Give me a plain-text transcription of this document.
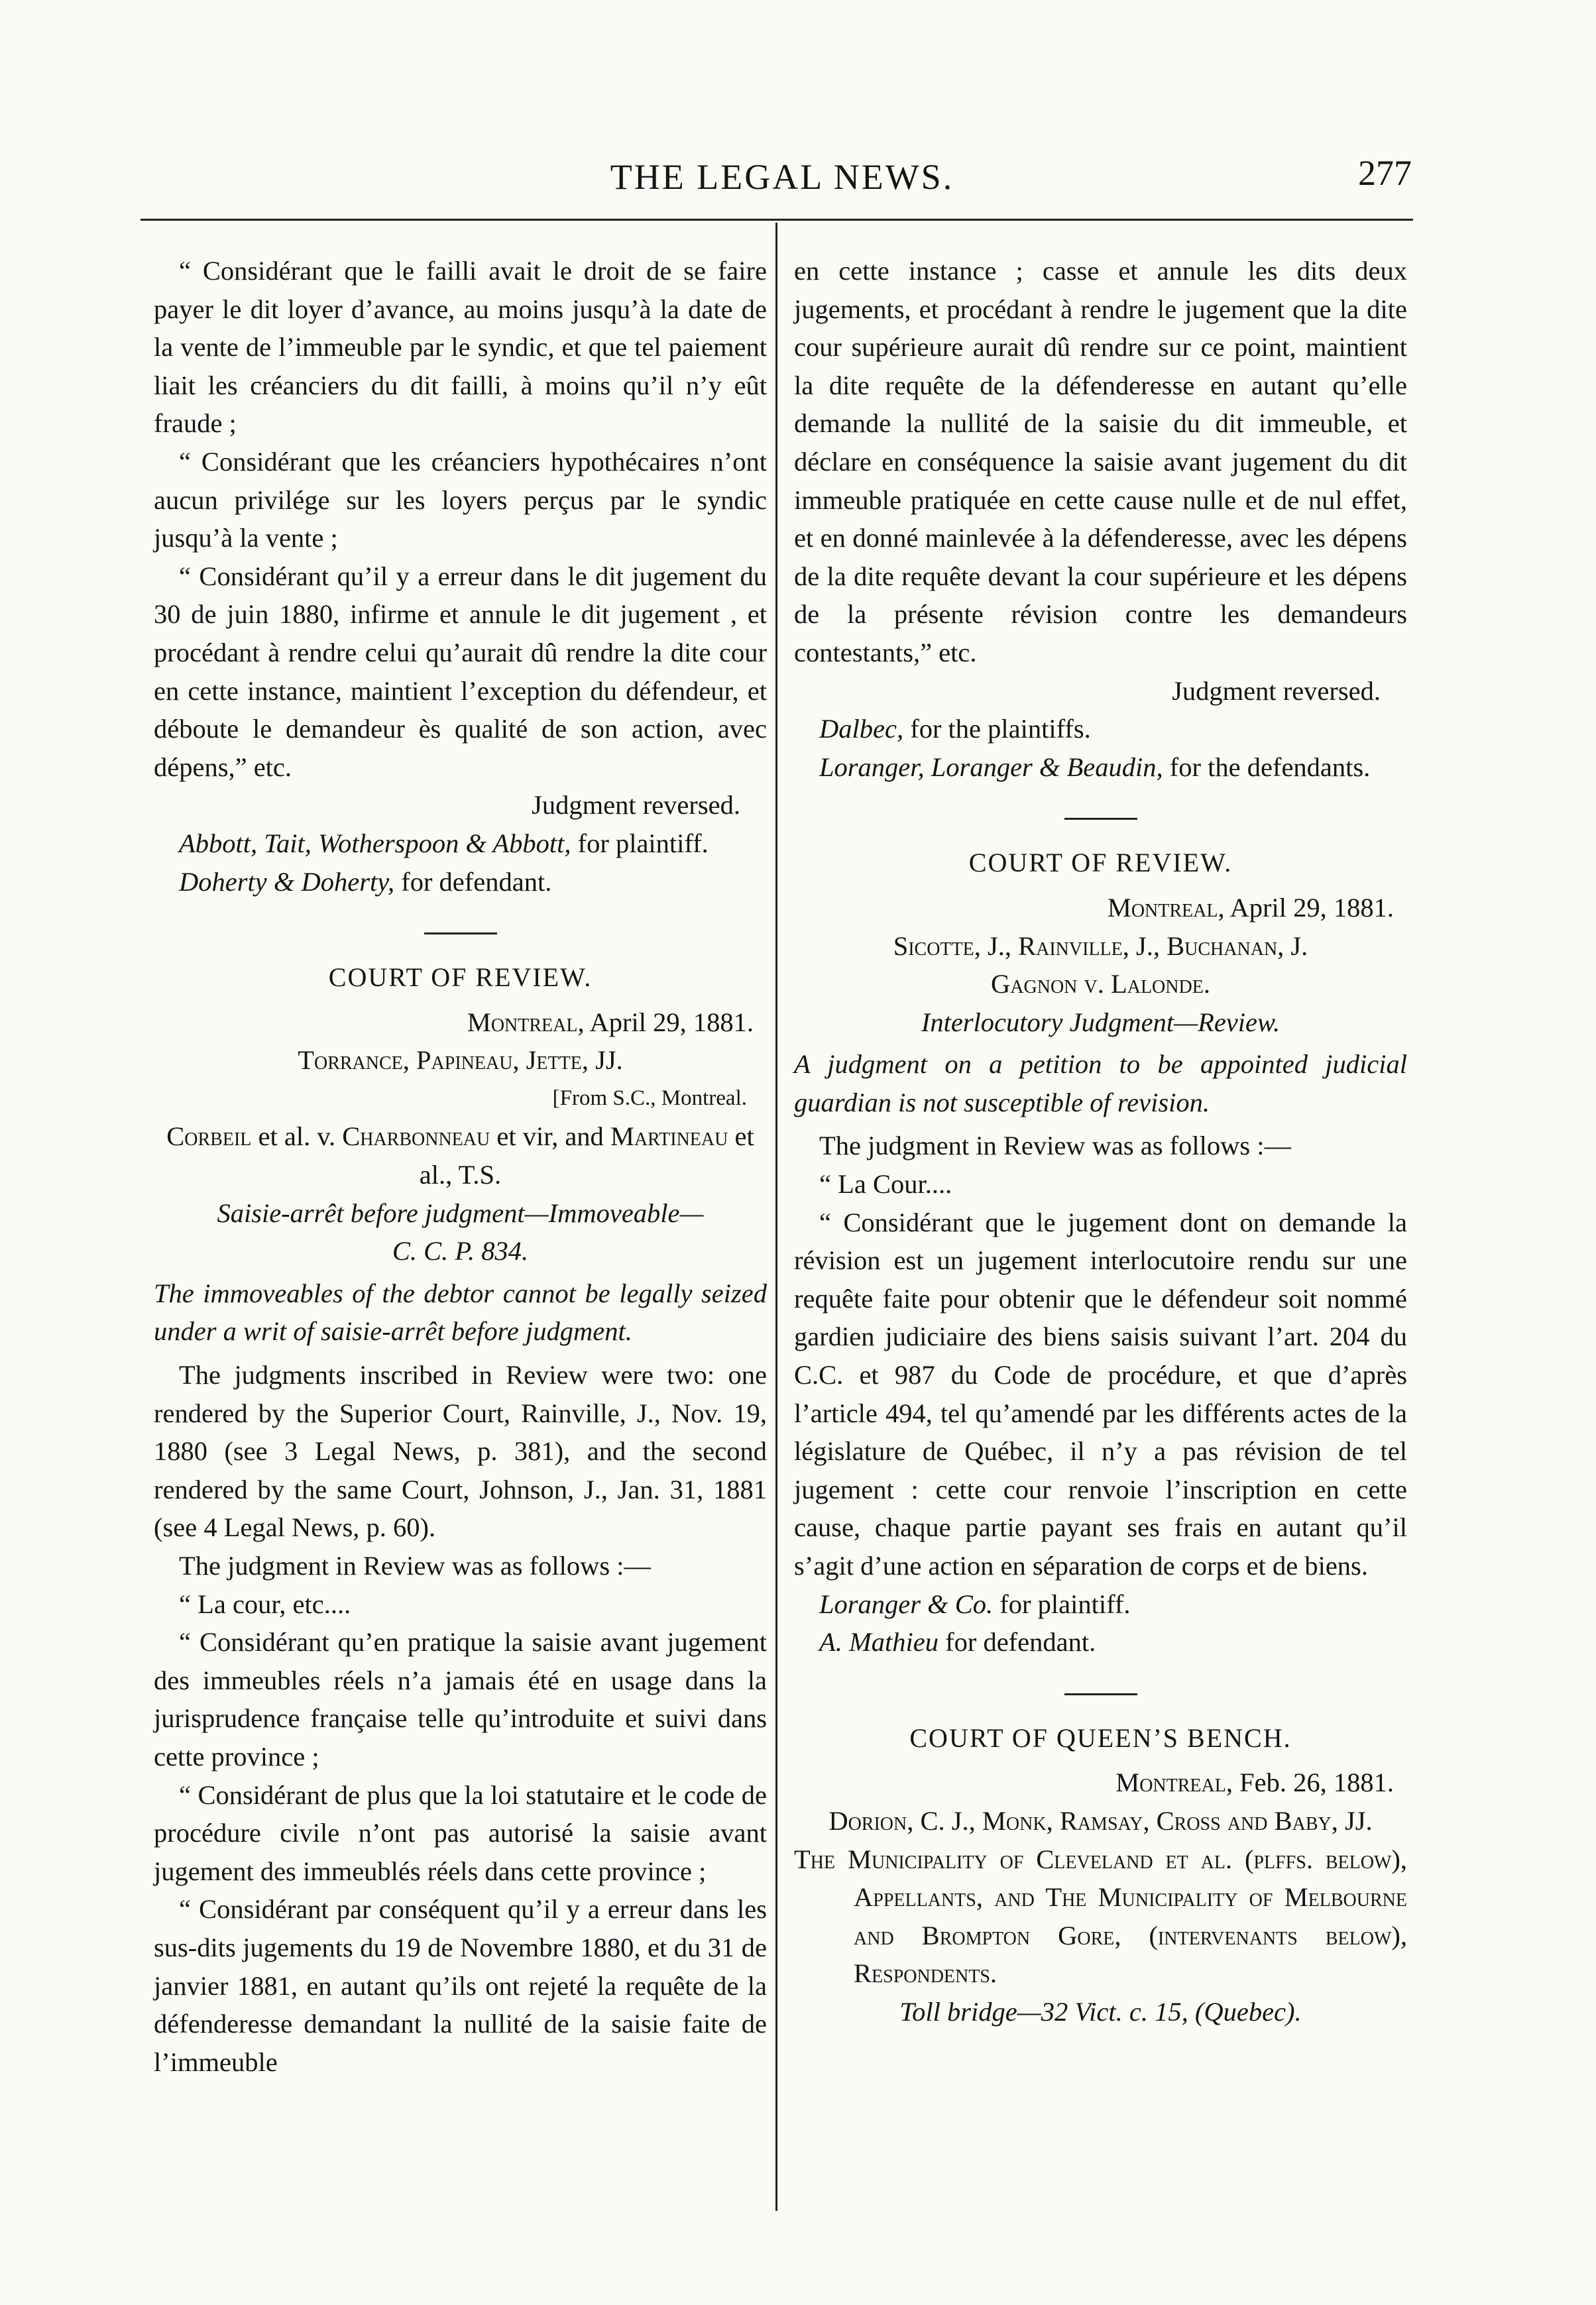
THE LEGAL NEWS.	277

“ Considérant que le failli avait le droit de se faire payer le dit loyer d’avance, au moins jusqu’à la date de la vente de l’immeuble par le syndic, et que tel paiement liait les créanciers du dit failli, à moins qu’il n’y eût fraude ;

“ Considérant que les créanciers hypothécaires n’ont aucun privilége sur les loyers perçus par le syndic jusqu’à la vente ;

“ Considérant qu’il y a erreur dans le dit jugement du 30 de juin 1880, infirme et annule le dit jugement , et procédant à rendre celui qu’aurait dû rendre la dite cour en cette instance, maintient l’exception du défendeur, et déboute le demandeur ès qualité de son action, avec dépens,” etc.

Judgment reversed.

Abbott, Tait, Wotherspoon & Abbott, for plaintiff.

Doherty & Doherty, for defendant.

COURT OF REVIEW.

Montreal, April 29, 1881.

Torrance, Papineau, Jette, JJ.

[From S.C., Montreal.

Corbeil et al. v. Charbonneau et vir, and Martineau et al., T.S.

Saisie-arrêt before judgment—Immoveable—

C. C. P. 834.

The immoveables of the debtor cannot be legally seized under a writ of saisie-arrêt before judgment.

The judgments inscribed in Review were two: one rendered by the Superior Court, Rainville, J., Nov. 19, 1880 (see 3 Legal News, p. 381), and the second rendered by the same Court, Johnson, J., Jan. 31, 1881 (see 4 Legal News, p. 60).

The judgment in Review was as follows :—

“ La cour, etc....

“ Considérant qu’en pratique la saisie avant jugement des immeubles réels n’a jamais été en usage dans la jurisprudence française telle qu’introduite et suivi dans cette province ;

“ Considérant de plus que la loi statutaire et le code de procédure civile n’ont pas autorisé la saisie avant jugement des immeublés réels dans cette province ;

“ Considérant par conséquent qu’il y a erreur dans les sus-dits jugements du 19 de Novembre 1880, et du 31 de janvier 1881, en autant qu’ils ont rejeté la requête de la défenderesse demandant la nullité de la saisie faite de l’immeuble

en cette instance ; casse et annule les dits deux jugements, et procédant à rendre le jugement que la dite cour supérieure aurait dû rendre sur ce point, maintient la dite requête de la défenderesse en autant qu’elle demande la nullité de la saisie du dit immeuble, et déclare en conséquence la saisie avant jugement du dit immeuble pratiquée en cette cause nulle et de nul effet, et en donné mainlevée à la défenderesse, avec les dépens de la dite requête devant la cour supérieure et les dépens de la présente révision contre les demandeurs contestants,” etc.

Judgment reversed.

Dalbec, for the plaintiffs.

Loranger, Loranger & Beaudin, for the defendants.

COURT OF REVIEW.

Montreal, April 29, 1881.

Sicotte, J., Rainville, J., Buchanan, J.

Gagnon v. Lalonde.

Interlocutory Judgment—Review.

A judgment on a petition to be appointed judicial guardian is not susceptible of revision.

The judgment in Review was as follows :—

“ La Cour....

“ Considérant que le jugement dont on demande la révision est un jugement interlocutoire rendu sur une requête faite pour obtenir que le défendeur soit nommé gardien judiciaire des biens saisis suivant l’art. 204 du C.C. et 987 du Code de procédure, et que d’après l’article 494, tel qu’amendé par les différents actes de la législature de Québec, il n’y a pas révision de tel jugement : cette cour renvoie l’inscription en cette cause, chaque partie payant ses frais en autant qu’il s’agit d’une action en séparation de corps et de biens.

Loranger & Co. for plaintiff.

A. Mathieu for defendant.

COURT OF QUEEN’S BENCH.

Montreal, Feb. 26, 1881.

Dorion, C. J., Monk, Ramsay, Cross and Baby, JJ.

The Municipality of Cleveland et al. (plffs. below), Appellants, and The Municipality of Melbourne and Brompton Gore, (intervenants below), Respondents.

Toll bridge—32 Vict. c. 15, (Quebec).
